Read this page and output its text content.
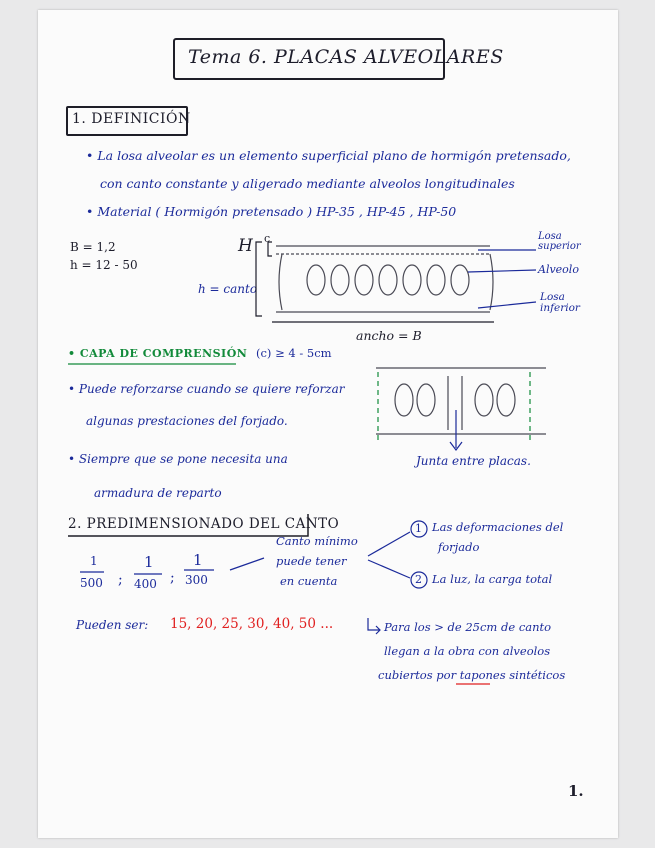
Tema 6. PLACAS ALVEOLARES
1. DEFINICIÓN
• La losa alveolar es un elemento superficial plano de hormigón pretensado,
con canto constante y aligerado mediante alveolos longitudinales
• Material ( Hormigón pretensado ) HP-35 , HP-45 , HP-50
B = 1,2
h = 12 - 50
H c
h = canto
Losa superior
Alveolo
Losa inferior
ancho = B
• CAPA DE COMPRENSIÓN (c) ≥ 4 - 5cm
• Puede reforzarse cuando se quiere reforzar
algunas prestaciones del forjado.
• Siempre que se pone necesita una
armadura de reparto
Junta entre placas.
2. PREDIMENSIONADO DEL CANTO
1
500
1
400
1
300
Canto mínimo
puede tener
en cuenta
1 Las deformaciones del
forjado
2 La luz, la carga total
Pueden ser: 15, 20, 25, 30, 40, 50 ...	Para los > de 25cm de canto
llegan a la obra con alveolos
cubiertos por tapones sintéticos
1.
;	;
